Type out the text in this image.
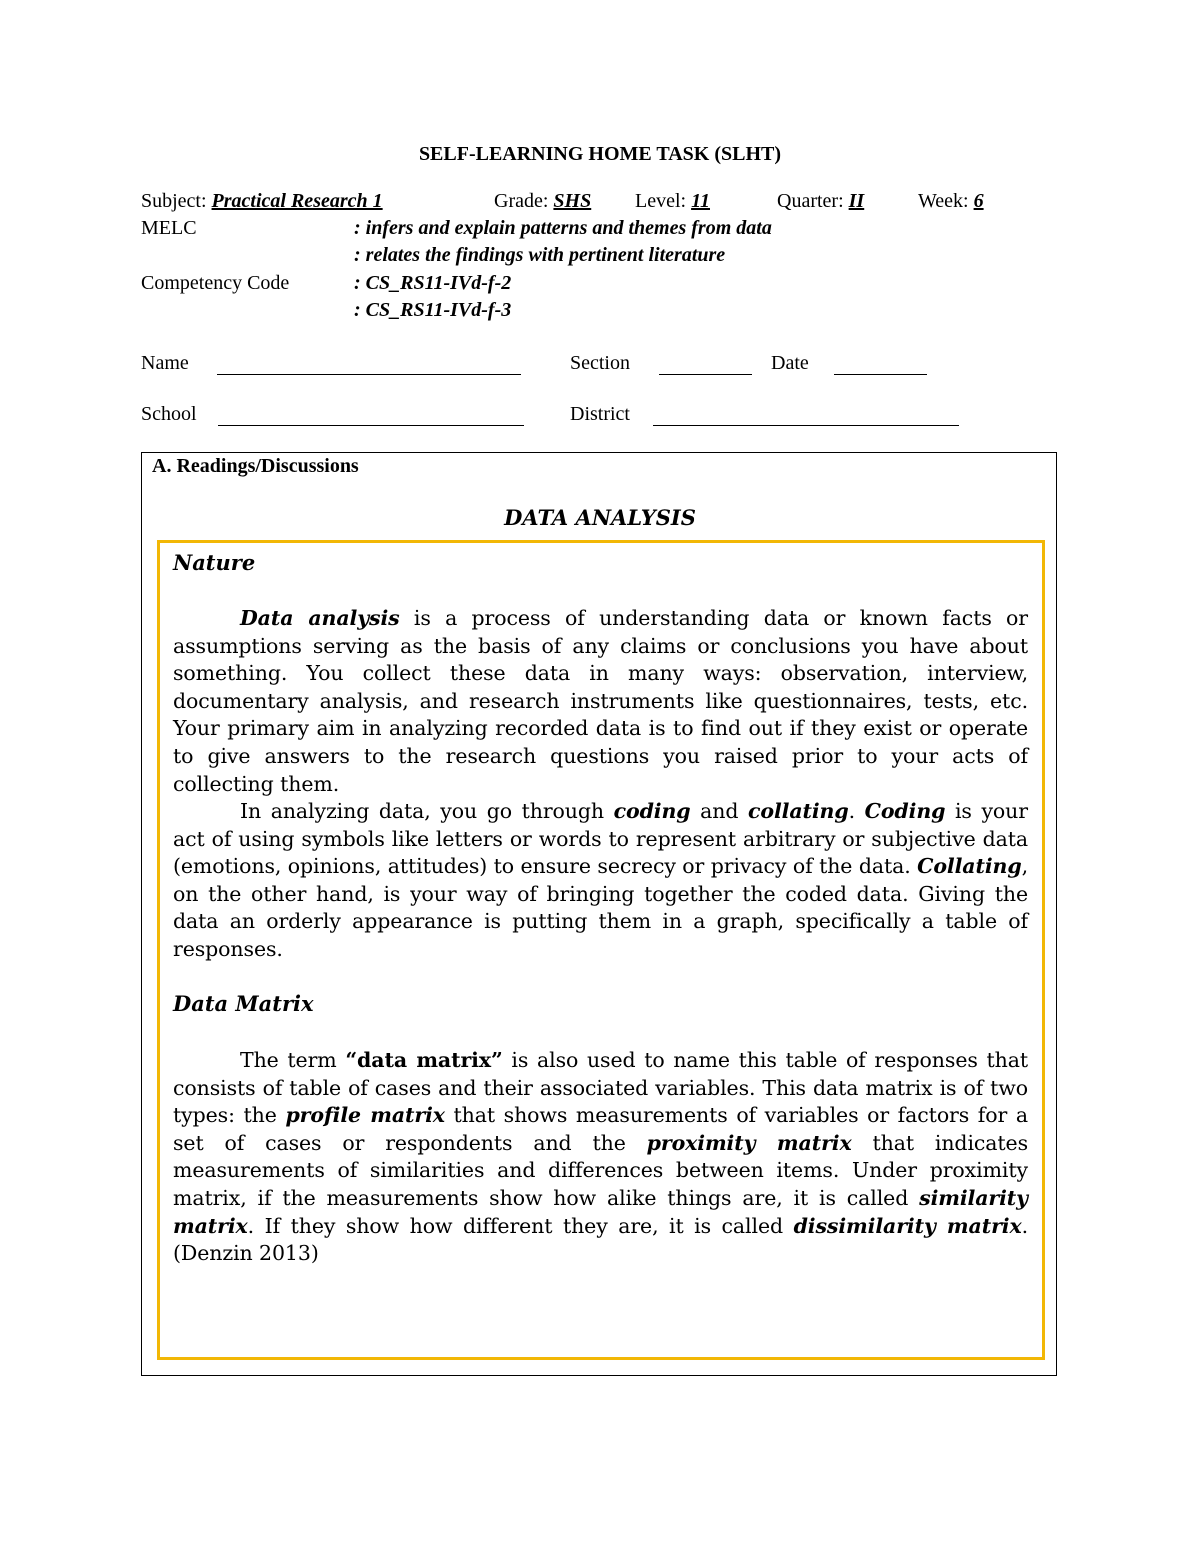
SELF-LEARNING HOME TASK (SLHT)
Subject: Practical Research 1	Grade: SHS Level: 11	Quarter: II	Week: 6
MELC	: infers and explain patterns and themes from data
: relates the findings with pertinent literature
Competency Code	: CS_RS11-IVd-f-2
: CS_RS11-IVd-f-3
Name	Section	Date
School	District
A. Readings/Discussions
DATA ANALYSIS
Nature
Data analysis is a process of understanding data or known facts or assumptions serving as the basis of any claims or conclusions you have about something. You collect these data in many ways: observation, interview, documentary analysis, and research instruments like questionnaires, tests, etc. Your primary aim in analyzing recorded data is to find out if they exist or operate to give answers to the research questions you raised prior to your acts of collecting them.
In analyzing data, you go through coding and collating. Coding is your act of using symbols like letters or words to represent arbitrary or subjective data (emotions, opinions, attitudes) to ensure secrecy or privacy of the data. Collating, on the other hand, is your way of bringing together the coded data. Giving the data an orderly appearance is putting them in a graph, specifically a table of responses.
Data Matrix
The term “data matrix” is also used to name this table of responses that consists of table of cases and their associated variables. This data matrix is of two types: the profile matrix that shows measurements of variables or factors for a set of cases or respondents and the proximity matrix that indicates measurements of similarities and differences between items. Under proximity matrix, if the measurements show how alike things are, it is called similarity matrix. If they show how different they are, it is called dissimilarity matrix. (Denzin 2013)
